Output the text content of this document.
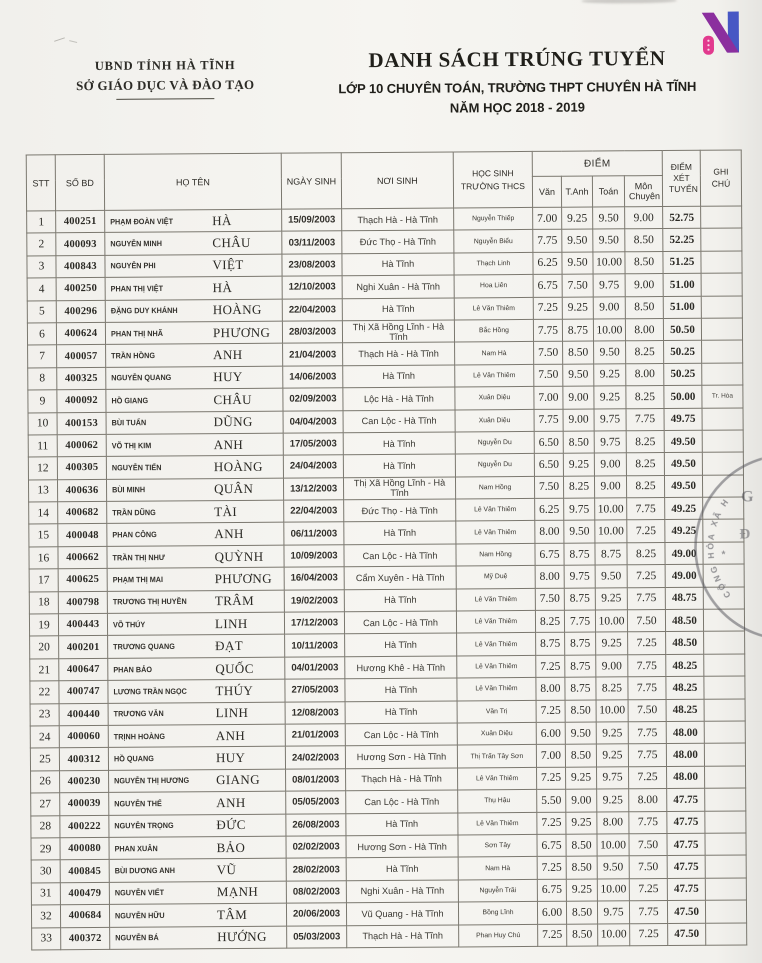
UBND TỈNH HÀ TĨNH
SỞ GIÁO DỤC VÀ ĐÀO TẠO
DANH SÁCH TRÚNG TUYỂN
LỚP 10 CHUYÊN TOÁN, TRƯỜNG THPT CHUYÊN HÀ TĨNH
NĂM HỌC 2018 - 2019
STT	SỐ BD	HỌ TÊN	NGÀY SINH	NƠI SINH	HỌC SINH TRƯỜNG THCS	ĐIỂM				ĐIỂM XÉT TUYỂN	GHI CHÚ
						Văn	T.Anh	Toán	Môn Chuyên		
1	400251	PHẠM ĐOÀN VIỆT HÀ	15/09/2003	Thạch Hà - Hà Tĩnh	Nguyễn Thiếp	7.00	9.25	9.50	9.00	52.75	
2	400093	NGUYỄN MINH CHÂU	03/11/2003	Đức Thọ - Hà Tĩnh	Nguyễn Biểu	7.75	9.50	9.50	8.50	52.25	
3	400843	NGUYỄN PHI VIỆT	23/08/2003	Hà Tĩnh	Thạch Linh	6.25	9.50	10.00	8.50	51.25	
4	400250	PHAN THỊ VIỆT HÀ	12/10/2003	Nghi Xuân - Hà Tĩnh	Hoa Liên	6.75	7.50	9.75	9.00	51.00	
5	400296	ĐẶNG DUY KHÁNH HOÀNG	22/04/2003	Hà Tĩnh	Lê Văn Thiêm	7.25	9.25	9.00	8.50	51.00	
6	400624	PHAN THỊ NHÃ PHƯƠNG	28/03/2003	Thị Xã Hồng Lĩnh - Hà Tĩnh	Bắc Hồng	7.75	8.75	10.00	8.00	50.50	
7	400057	TRẦN HỒNG ANH	21/04/2003	Thạch Hà - Hà Tĩnh	Nam Hà	7.50	8.50	9.50	8.25	50.25	
8	400325	NGUYỄN QUANG HUY	14/06/2003	Hà Tĩnh	Lê Văn Thiêm	7.50	9.50	9.25	8.00	50.25	
9	400092	HỒ GIANG CHÂU	02/09/2003	Lộc Hà - Hà Tĩnh	Xuân Diệu	7.00	9.00	9.25	8.25	50.00	Tr. Hòa
10	400153	BÙI TUẤN DŨNG	04/04/2003	Can Lộc - Hà Tĩnh	Xuân Diệu	7.75	9.00	9.75	7.75	49.75	
11	400062	VÕ THỊ KIM ANH	17/05/2003	Hà Tĩnh	Nguyễn Du	6.50	8.50	9.75	8.25	49.50	
12	400305	NGUYỄN TIẾN HOÀNG	24/04/2003	Hà Tĩnh	Nguyễn Du	6.50	9.25	9.00	8.25	49.50	
13	400636	BÙI MINH QUÂN	13/12/2003	Thị Xã Hồng Lĩnh - Hà Tĩnh	Nam Hồng	7.50	8.25	9.00	8.25	49.50	
14	400682	TRẦN DŨNG TÀI	22/04/2003	Đức Thọ - Hà Tĩnh	Lê Văn Thiêm	6.25	9.75	10.00	7.75	49.25	
15	400048	PHAN CÔNG ANH	06/11/2003	Hà Tĩnh	Lê Văn Thiêm	8.00	9.50	10.00	7.25	49.25	
16	400662	TRẦN THỊ NHƯ QUỲNH	10/09/2003	Can Lộc - Hà Tĩnh	Nam Hồng	6.75	8.75	8.75	8.25	49.00	
17	400625	PHẠM THỊ MAI PHƯƠNG	16/04/2003	Cẩm Xuyên - Hà Tĩnh	Mỹ Duệ	8.00	9.75	9.50	7.25	49.00	
18	400798	TRƯƠNG THỊ HUYỀN TRÂM	19/02/2003	Hà Tĩnh	Lê Văn Thiêm	7.50	8.75	9.25	7.75	48.75	
19	400443	VÕ THÚY LINH	17/12/2003	Can Lộc - Hà Tĩnh	Lê Văn Thiêm	8.25	7.75	10.00	7.50	48.50	
20	400201	TRƯƠNG QUANG ĐẠT	10/11/2003	Hà Tĩnh	Lê Văn Thiêm	8.75	8.75	9.25	7.25	48.50	
21	400647	PHAN BẢO QUỐC	04/01/2003	Hương Khê - Hà Tĩnh	Lê Văn Thiêm	7.25	8.75	9.00	7.75	48.25	
22	400747	LƯƠNG TRẦN NGỌC THÚY	27/05/2003	Hà Tĩnh	Lê Văn Thiêm	8.00	8.75	8.25	7.75	48.25	
23	400440	TRƯƠNG VĂN LINH	12/08/2003	Hà Tĩnh	Văn Trị	7.25	8.50	10.00	7.50	48.25	
24	400060	TRỊNH HOÀNG ANH	21/01/2003	Can Lộc - Hà Tĩnh	Xuân Diệu	6.00	9.50	9.25	7.75	48.00	
25	400312	HỒ QUANG HUY	24/02/2003	Hương Sơn - Hà Tĩnh	Thị Trấn Tây Sơn	7.00	8.50	9.25	7.75	48.00	
26	400230	NGUYỄN THỊ HƯƠNG GIANG	08/01/2003	Thạch Hà - Hà Tĩnh	Lê Văn Thiêm	7.25	9.25	9.75	7.25	48.00	
27	400039	NGUYỄN THẾ ANH	05/05/2003	Can Lộc - Hà Tĩnh	Thụ Hậu	5.50	9.00	9.25	8.00	47.75	
28	400222	NGUYỄN TRỌNG ĐỨC	26/08/2003	Hà Tĩnh	Lê Văn Thiêm	7.25	9.25	8.00	7.75	47.75	
29	400080	PHAN XUÂN BẢO	02/02/2003	Hương Sơn - Hà Tĩnh	Sơn Tây	6.75	8.50	10.00	7.50	47.75	
30	400845	BÙI DƯƠNG ANH VŨ	28/02/2003	Hà Tĩnh	Nam Hà	7.25	8.50	9.50	7.50	47.75	
31	400479	NGUYỄN VIẾT MẠNH	08/02/2003	Nghi Xuân - Hà Tĩnh	Nguyễn Trãi	6.75	9.25	10.00	7.25	47.75	
32	400684	NGUYỄN HỮU TÂM	20/06/2003	Vũ Quang - Hà Tĩnh	Bồng Lĩnh	6.00	8.50	9.75	7.75	47.50	
33	400372	NGUYỄN BÁ HƯỚNG	05/03/2003	Thạch Hà - Hà Tĩnh	Phan Huy Chú	7.25	8.50	10.00	7.25	47.50	
CỘNG HÒA XÃ H G
Đ
*
